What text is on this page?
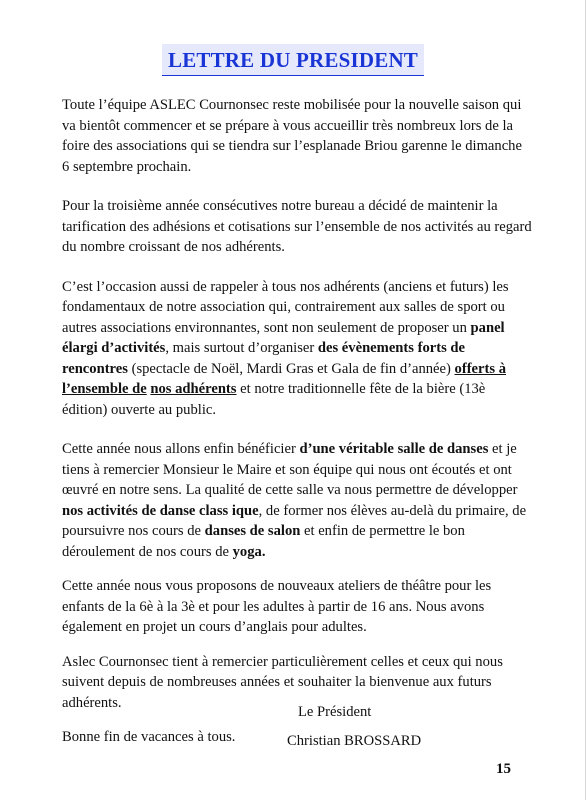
LETTRE DU PRESIDENT

Toute l’équipe ASLEC Cournonsec reste mobilisée pour la nouvelle saison qui va bientôt commencer et se prépare à vous accueillir très nombreux lors de la foire des associations qui se tiendra sur l’esplanade Briou garenne le dimanche 6 septembre prochain.

Pour la troisième année consécutives notre bureau a décidé de maintenir la tarification des adhésions et cotisations sur l’ensemble de nos activités au regard du nombre croissant de nos adhérents.

C’est l’occasion aussi de rappeler à tous nos adhérents (anciens et futurs) les fondamentaux de notre association qui, contrairement aux salles de sport ou autres associations environnantes, sont non seulement de proposer un panel élargi d’activités, mais surtout d’organiser des évènements forts de rencontres (spectacle de Noël, Mardi Gras et Gala de fin d’année) offerts à l’ensemble de nos adhérents et notre traditionnelle fête de la bière (13è édition) ouverte au public.

Cette année nous allons enfin bénéficier d’une véritable salle de danses et je tiens à remercier Monsieur le Maire et son équipe qui nous ont écoutés et ont œuvré en notre sens. La qualité de cette salle va nous permettre de développer nos activités de danse class ique, de former nos élèves au-delà du primaire, de poursuivre nos cours de danses de salon et enfin de permettre le bon déroulement de nos cours de yoga.

Cette année nous vous proposons de nouveaux ateliers de théâtre pour les enfants de la 6è à la 3è et pour les adultes à partir de 16 ans. Nous avons également en projet un cours d’anglais pour adultes.

Aslec Cournonsec tient à remercier particulièrement celles et ceux qui nous suivent depuis de nombreuses années et souhaiter la bienvenue aux futurs adhérents.

Bonne fin de vacances à tous.

Le Président
Christian BROSSARD
15
